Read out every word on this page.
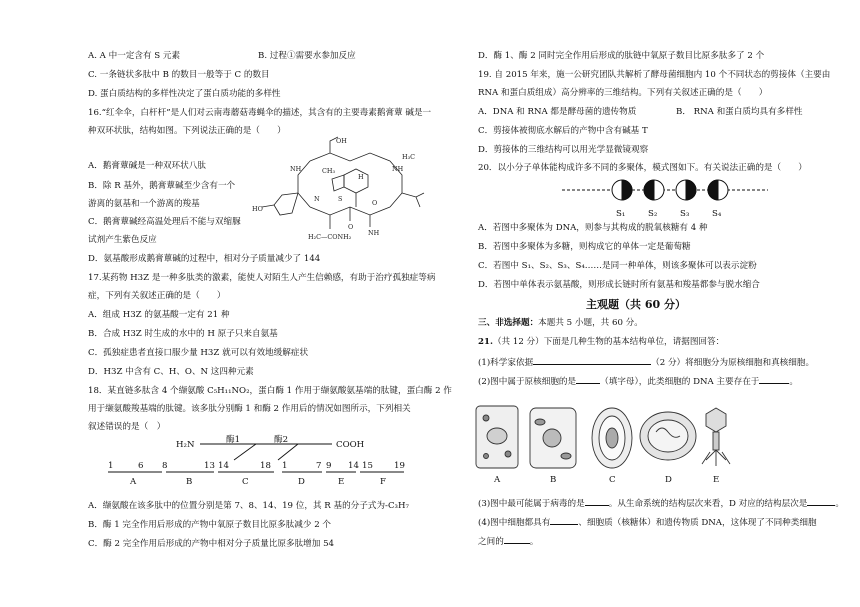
A. A 中一定含有 S 元素	B. 过程①需要水参加反应
C. 一条链状多肽中 B 的数目一般等于 C 的数目
D. 蛋白质结构的多样性决定了蛋白质功能的多样性
16.“红伞伞，白杆杆”是人们对云南毒蘑菇毒蝇伞的描述，其含有的主要毒素鹅膏蕈 碱是一
种双环状肽，结构如图。下列说法正确的是（　　）
A．鹅膏蕈碱是一种双环状八肽
B．除 R 基外，鹅膏蕈碱至少含有一个
游离的氨基和一个游离的羧基
C．鹅膏蕈碱经高温处理后不能与双缩脲
试剂产生紫色反应
D．氨基酸形成鹅膏蕈碱的过程中，相对分子质量减少了 144
OH
CH₃
HO
H₃C
H₂C—CONH₂
NH	NH
N	S	O
O
NH
H
17.某药物 H3Z 是一种多肽类的激素，能使人对陌生人产生信赖感，有助于治疗孤独症等病
症，下列有关叙述正确的是（　　）
A．组成 H3Z 的氨基酸一定有 21 种
B．合成 H3Z 时生成的水中的 H 原子只来自氨基
C．孤独症患者直接口服少量 H3Z 就可以有效地缓解症状
D．H3Z 中含有 C、H、O、N 这四种元素
18．某直链多肽含 4 个缬氨酸 C₅H₁₁NO₂，蛋白酶 1 作用于缬氨酸氨基端的肽键，蛋白酶 2 作
用于缬氨酸羧基端的肽键。该多肽分别酶 1 和酶 2 作用后的情况如图所示，下列相关
叙述错误的是（　）
H₂N	COOH
酶1	酶2
1	6 8	13 14	18 1	7 9 14 15 19
A	B	C	D	E	F
A．缬氨酸在该多肽中的位置分别是第 7、8、14、19 位，其 R 基的分子式为-C₃H₇
B．酶 1 完全作用后形成的产物中氧原子数目比原多肽减少 2 个
C．酶 2 完全作用后形成的产物中相对分子质量比原多肽增加 54
D．酶 1、酶 2 同时完全作用后形成的肽链中氧原子数目比原多肽多了 2 个
19. 自 2015 年来，施一公研究团队共解析了酵母菌细胞内 10 个不同状态的剪接体（主要由
RNA 和蛋白质组成）高分辨率的三维结构。下列有关叙述正确的是（　　）
A．DNA 和 RNA 都是酵母菌的遗传物质	B． RNA 和蛋白质均具有多样性
C．剪接体被彻底水解后的产物中含有碱基 T
D．剪接体的三维结构可以用光学显微镜观察
20．以小分子单体能构成许多不同的多聚体，模式图如下。有关说法正确的是（　　）
S₁	S₂	S₃	S₄
A．若图中多聚体为 DNA，则参与其构成的脱氧核糖有 4 种
B．若图中多聚体为多糖，则构成它的单体一定是葡萄糖
C．若图中 S₁、S₂、S₃、S₄……是同一种单体，则该多聚体可以表示淀粉
D．若图中单体表示氨基酸，则形成长链时所有氨基和羧基都参与脱水缩合
主观题（共 60 分）
三、非选择题：本题共 5 小题，共 60 分。
21.（共 12 分）下面是几种生物的基本结构单位，请据图回答：
(1)科学家依据	（2 分）将细胞分为原核细胞和真核细胞。
(2)图中属于原核细胞的是	（填字母），此类细胞的 DNA 主要存在于	。
A	B	C	D	E
(3)图中最可能属于病毒的是	。从生命系统的结构层次来看，D 对应的结构层次是	。
(4)图中细胞都具有	、细胞质（核糖体）和遗传物质 DNA，这体现了不同种类细胞
之间的	。
